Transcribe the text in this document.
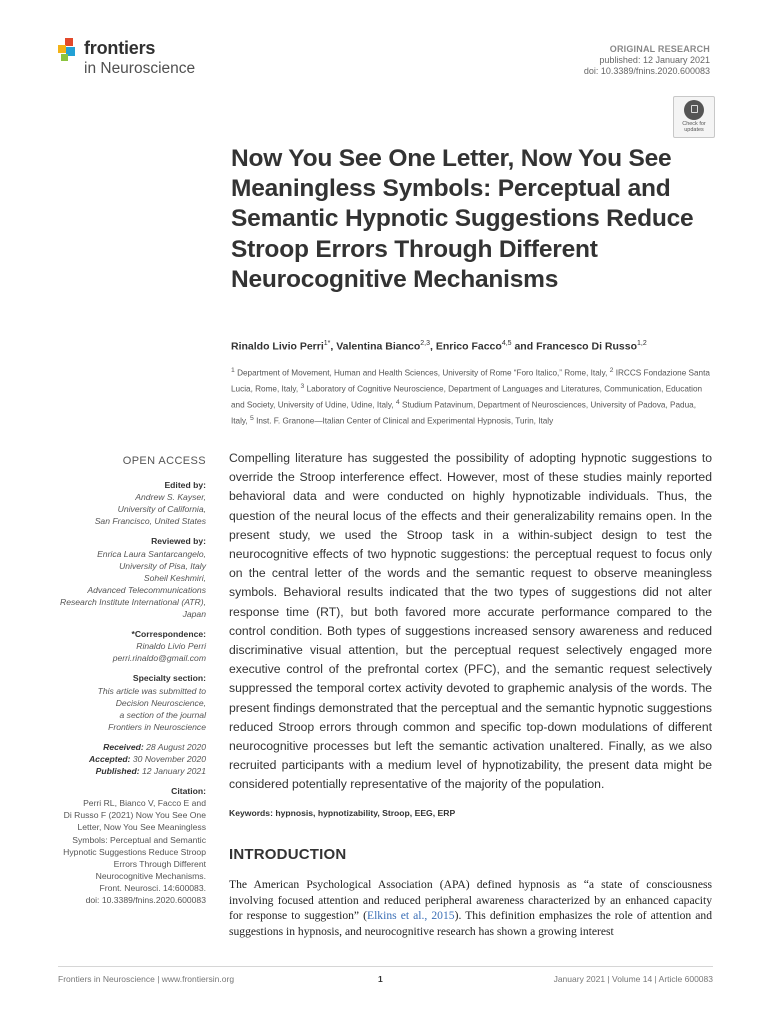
frontiers
in Neuroscience
ORIGINAL RESEARCH
published: 12 January 2021
doi: 10.3389/fnins.2020.600083
Check for updates
Now You See One Letter, Now You See Meaningless Symbols: Perceptual and Semantic Hypnotic Suggestions Reduce Stroop Errors Through Different Neurocognitive Mechanisms
Rinaldo Livio Perri$^{1*}$, Valentina Bianco$^{2,3}$, Enrico Facco$^{4,5}$ and Francesco Di Russo$^{1,2}$
$^1$ Department of Movement, Human and Health Sciences, University of Rome “Foro Italico,” Rome, Italy, $^2$ IRCCS Fondazione Santa Lucia, Rome, Italy, $^3$ Laboratory of Cognitive Neuroscience, Department of Languages and Literatures, Communication, Education and Society, University of Udine, Udine, Italy, $^4$ Studium Patavinum, Department of Neurosciences, University of Padova, Padua, Italy, $^5$ Inst. F. Granone—Italian Center of Clinical and Experimental Hypnosis, Turin, Italy
OPEN ACCESS
Edited by:
Andrew S. Kayser,
University of California,
San Francisco, United States
Reviewed by:
Enrica Laura Santarcangelo,
University of Pisa, Italy
Soheil Keshmiri,
Advanced Telecommunications
Research Institute International (ATR),
Japan
*Correspondence:
Rinaldo Livio Perri
perri.rinaldo@gmail.com
Specialty section:
This article was submitted to
Decision Neuroscience,
a section of the journal
Frontiers in Neuroscience
Received: 28 August 2020
Accepted: 30 November 2020
Published: 12 January 2021
Citation:
Perri RL, Bianco V, Facco E and
Di Russo F (2021) Now You See One
Letter, Now You See Meaningless
Symbols: Perceptual and Semantic
Hypnotic Suggestions Reduce Stroop
Errors Through Different
Neurocognitive Mechanisms.
Front. Neurosci. 14:600083.
doi: 10.3389/fnins.2020.600083

Compelling literature has suggested the possibility of adopting hypnotic suggestions to override the Stroop interference effect. However, most of these studies mainly reported behavioral data and were conducted on highly hypnotizable individuals. Thus, the question of the neural locus of the effects and their generalizability remains open. In the present study, we used the Stroop task in a within-subject design to test the neurocognitive effects of two hypnotic suggestions: the perceptual request to focus only on the central letter of the words and the semantic request to observe meaningless symbols. Behavioral results indicated that the two types of suggestions did not alter response time (RT), but both favored more accurate performance compared to the control condition. Both types of suggestions increased sensory awareness and reduced discriminative visual attention, but the perceptual request selectively engaged more executive control of the prefrontal cortex (PFC), and the semantic request selectively suppressed the temporal cortex activity devoted to graphemic analysis of the words. The present findings demonstrated that the perceptual and the semantic hypnotic suggestions reduced Stroop errors through common and specific top-down modulations of different neurocognitive processes but left the semantic activation unaltered. Finally, as we also recruited participants with a medium level of hypnotizability, the present data might be considered potentially representative of the majority of the population.

Keywords: hypnosis, hypnotizability, Stroop, EEG, ERP
INTRODUCTION

The American Psychological Association (APA) defined hypnosis as “a state of consciousness involving focused attention and reduced peripheral awareness characterized by an enhanced capacity for response to suggestion” (Elkins et al., 2015). This definition emphasizes the role of attention and suggestions in hypnosis, and neurocognitive research has shown a growing interest

Frontiers in Neuroscience | www.frontiersin.org	1	January 2021 | Volume 14 | Article 600083
